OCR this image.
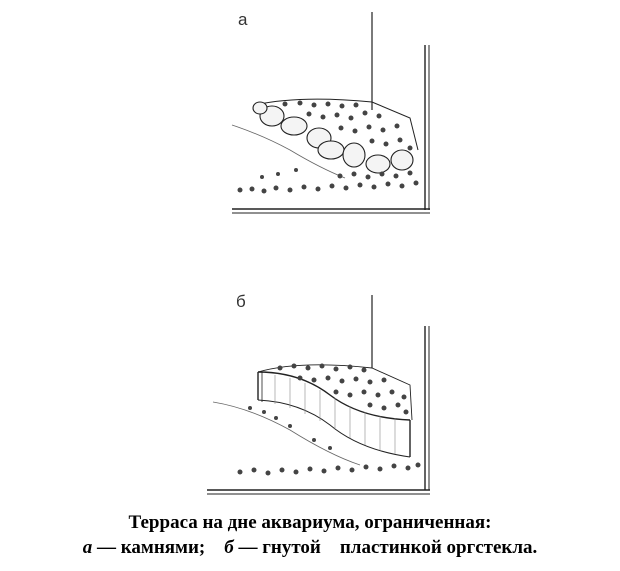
а
б
Терраса на дне аквариума, ограниченная:
а — камнями; б — гнутой    пластинкой оргстекла.
